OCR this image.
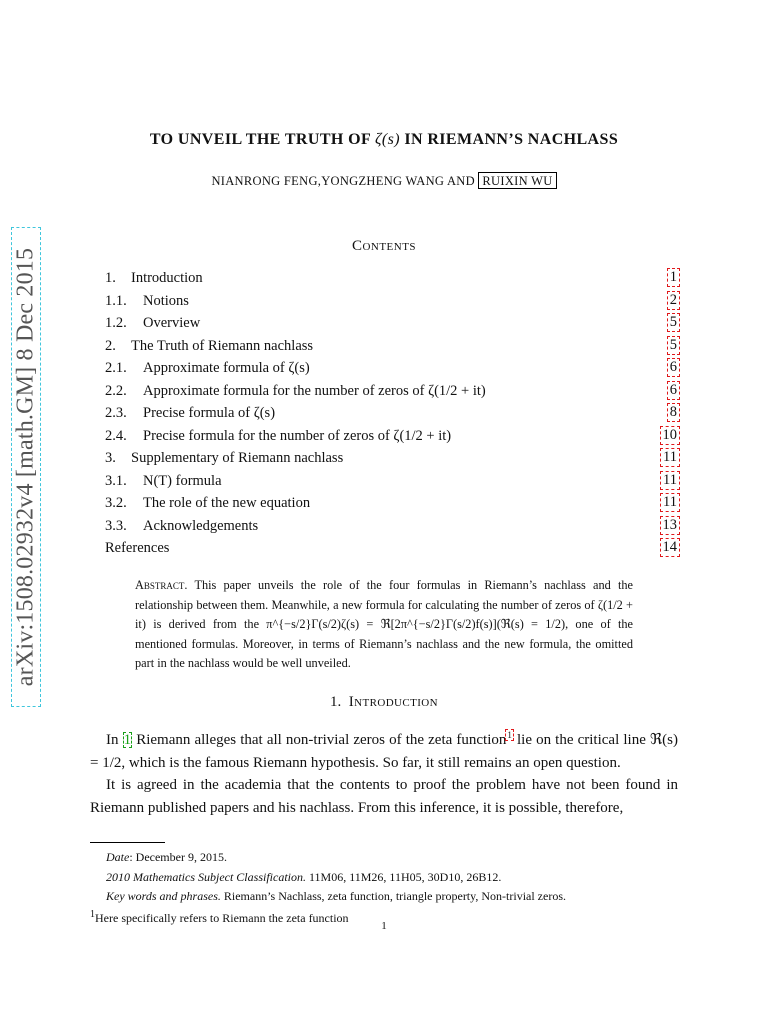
arXiv:1508.02932v4 [math.GM] 8 Dec 2015
TO UNVEIL THE TRUTH OF ζ(s) IN RIEMANN’S NACHLASS
NIANRONG FENG,YONGZHENG WANG AND RUIXIN WU
Contents
1. Introduction	1
1.1. Notions	2
1.2. Overview	5
2. The Truth of Riemann nachlass	5
2.1. Approximate formula of ζ(s)	6
2.2. Approximate formula for the number of zeros of ζ(1/2 + it)	6
2.3. Precise formula of ζ(s)	8
2.4. Precise formula for the number of zeros of ζ(1/2 + it)	10
3. Supplementary of Riemann nachlass	11
3.1. N(T) formula	11
3.2. The role of the new equation	11
3.3. Acknowledgements	13
References	14
Abstract. This paper unveils the role of the four formulas in Riemann’s nachlass and the relationship between them. Meanwhile, a new formula for calculating the number of zeros of ζ(1/2 + it) is derived from the π^{−s/2}Γ(s/2)ζ(s) = ℜ[2π^{−s/2}Γ(s/2)f(s)](ℜ(s) = 1/2), one of the mentioned formulas. Moreover, in terms of Riemann’s nachlass and the new formula, the omitted part in the nachlass would be well unveiled.
1. Introduction

In 1 Riemann alleges that all non-trivial zeros of the zeta function$^1$ lie on the critical line ℜ(s) = 1/2, which is the famous Riemann hypothesis. So far, it still remains an open question.

It is agreed in the academia that the contents to proof the problem have not been found in Riemann published papers and his nachlass. From this inference, it is possible, therefore,

Date: December 9, 2015.
2010 Mathematics Subject Classification. 11M06, 11M26, 11H05, 30D10, 26B12.
Key words and phrases. Riemann’s Nachlass, zeta function, triangle property, Non-trivial zeros.
$^1$Here specifically refers to Riemann the zeta function
1
